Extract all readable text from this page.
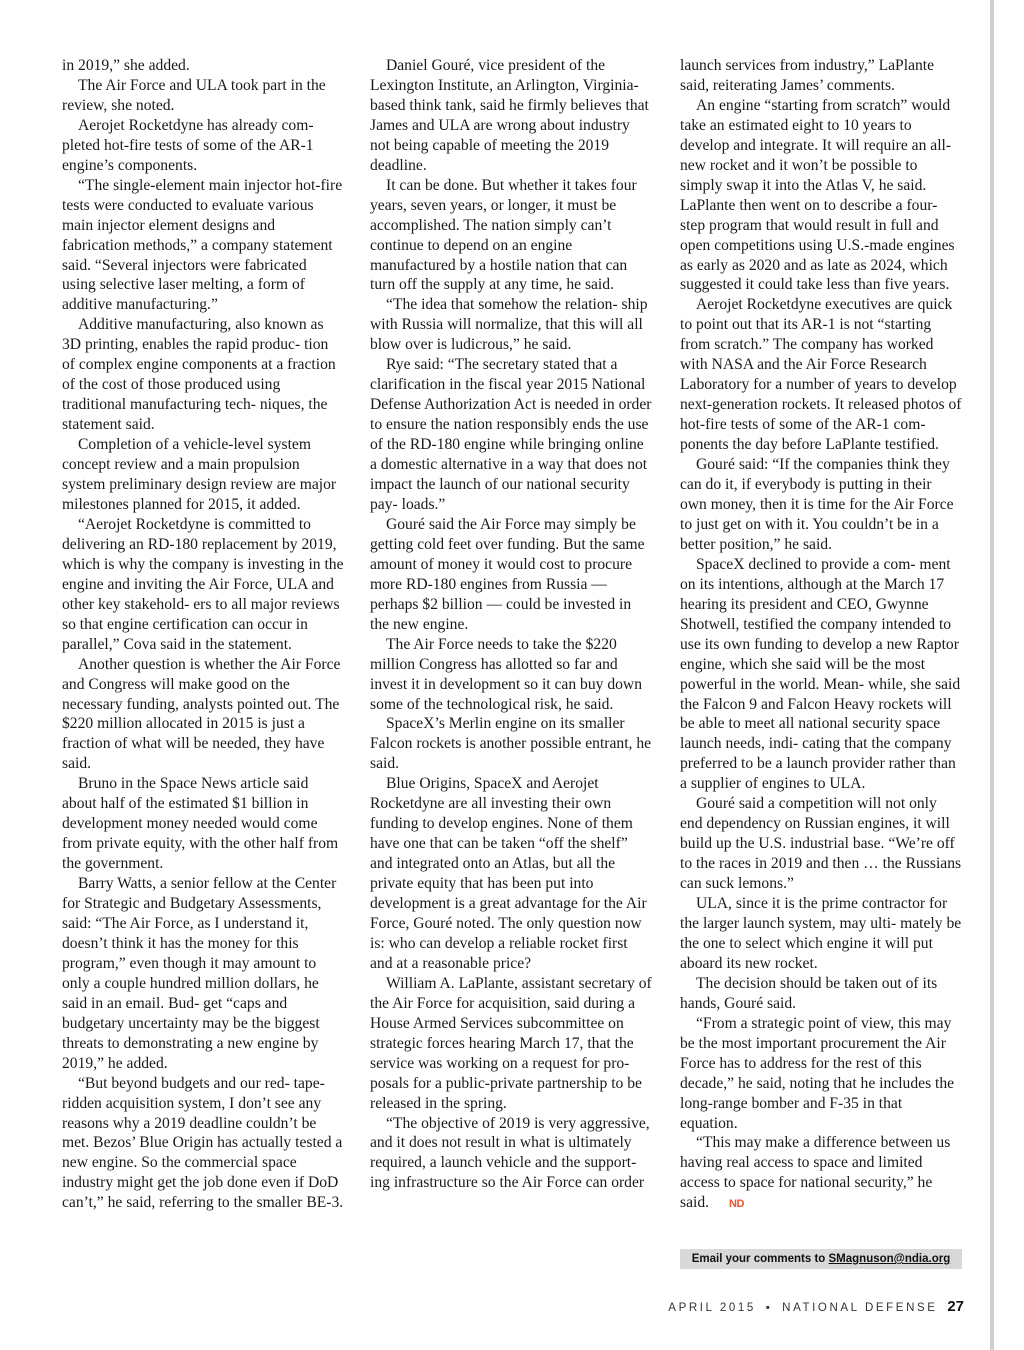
in 2019,” she added.

The Air Force and ULA took part in the review, she noted.

Aerojet Rocketdyne has already com- pleted hot-fire tests of some of the AR-1 engine’s components.

“The single-element main injector hot-fire tests were conducted to evaluate various main injector element designs and fabrication methods,” a company statement said. “Several injectors were fabricated using selective laser melting, a form of additive manufacturing.”

Additive manufacturing, also known as 3D printing, enables the rapid produc- tion of complex engine components at a fraction of the cost of those produced using traditional manufacturing tech- niques, the statement said.

Completion of a vehicle-level system concept review and a main propulsion system preliminary design review are major milestones planned for 2015, it added.

“Aerojet Rocketdyne is committed to delivering an RD-180 replacement by 2019, which is why the company is investing in the engine and inviting the Air Force, ULA and other key stakehold- ers to all major reviews so that engine certification can occur in parallel,” Cova said in the statement.

Another question is whether the Air Force and Congress will make good on the necessary funding, analysts pointed out. The $220 million allocated in 2015 is just a fraction of what will be needed, they have said.

Bruno in the Space News article said about half of the estimated $1 billion in development money needed would come from private equity, with the other half from the government.

Barry Watts, a senior fellow at the Center for Strategic and Budgetary Assessments, said: “The Air Force, as I understand it, doesn’t think it has the money for this program,” even though it may amount to only a couple hundred million dollars, he said in an email. Bud- get “caps and budgetary uncertainty may be the biggest threats to demonstrating a new engine by 2019,” he added.

“But beyond budgets and our red- tape-ridden acquisition system, I don’t see any reasons why a 2019 deadline couldn’t be met. Bezos’ Blue Origin has actually tested a new engine. So the commercial space industry might get the job done even if DoD can’t,” he said, referring to the smaller BE-3.

Daniel Gouré, vice president of the Lexington Institute, an Arlington, Virginia-based think tank, said he firmly believes that James and ULA are wrong about industry not being capable of meeting the 2019 deadline.

It can be done. But whether it takes four years, seven years, or longer, it must be accomplished. The nation simply can’t continue to depend on an engine manufactured by a hostile nation that can turn off the supply at any time, he said.

“The idea that somehow the relation- ship with Russia will normalize, that this will all blow over is ludicrous,” he said.

Rye said: “The secretary stated that a clarification in the fiscal year 2015 National Defense Authorization Act is needed in order to ensure the nation responsibly ends the use of the RD-180 engine while bringing online a domestic alternative in a way that does not impact the launch of our national security pay- loads.”

Gouré said the Air Force may simply be getting cold feet over funding. But the same amount of money it would cost to procure more RD-180 engines from Russia — perhaps $2 billion — could be invested in the new engine.

The Air Force needs to take the $220 million Congress has allotted so far and invest it in development so it can buy down some of the technological risk, he said.

SpaceX’s Merlin engine on its smaller Falcon rockets is another possible entrant, he said.

Blue Origins, SpaceX and Aerojet Rocketdyne are all investing their own funding to develop engines. None of them have one that can be taken “off the shelf” and integrated onto an Atlas, but all the private equity that has been put into development is a great advantage for the Air Force, Gouré noted. The only question now is: who can develop a reliable rocket first and at a reasonable price?

William A. LaPlante, assistant secretary of the Air Force for acquisition, said during a House Armed Services subcommittee on strategic forces hearing March 17, that the service was working on a request for pro- posals for a public-private partnership to be released in the spring.

“The objective of 2019 is very aggressive, and it does not result in what is ultimately required, a launch vehicle and the support- ing infrastructure so the Air Force can order

launch services from industry,” LaPlante said, reiterating James’ comments.

An engine “starting from scratch” would take an estimated eight to 10 years to develop and integrate. It will require an all-new rocket and it won’t be possible to simply swap it into the Atlas V, he said. LaPlante then went on to describe a four- step program that would result in full and open competitions using U.S.-made engines as early as 2020 and as late as 2024, which suggested it could take less than five years.

Aerojet Rocketdyne executives are quick to point out that its AR-1 is not “starting from scratch.” The company has worked with NASA and the Air Force Research Laboratory for a number of years to develop next-generation rockets. It released photos of hot-fire tests of some of the AR-1 com- ponents the day before LaPlante testified.

Gouré said: “If the companies think they can do it, if everybody is putting in their own money, then it is time for the Air Force to just get on with it. You couldn’t be in a better position,” he said.

SpaceX declined to provide a com- ment on its intentions, although at the March 17 hearing its president and CEO, Gwynne Shotwell, testified the company intended to use its own funding to develop a new Raptor engine, which she said will be the most powerful in the world. Mean- while, she said the Falcon 9 and Falcon Heavy rockets will be able to meet all national security space launch needs, indi- cating that the company preferred to be a launch provider rather than a supplier of engines to ULA.

Gouré said a competition will not only end dependency on Russian engines, it will build up the U.S. industrial base. “We’re off to the races in 2019 and then … the Russians can suck lemons.”

ULA, since it is the prime contractor for the larger launch system, may ulti- mately be the one to select which engine it will put aboard its new rocket.

The decision should be taken out of its hands, Gouré said.

“From a strategic point of view, this may be the most important procurement the Air Force has to address for the rest of this decade,” he said, noting that he includes the long-range bomber and F-35 in that equation.

“This may make a difference between us having real access to space and limited access to space for national security,” he said. ND

Email your comments to SMagnuson@ndia.org
APRIL 2015 ▪ NATIONAL DEFENSE 27
